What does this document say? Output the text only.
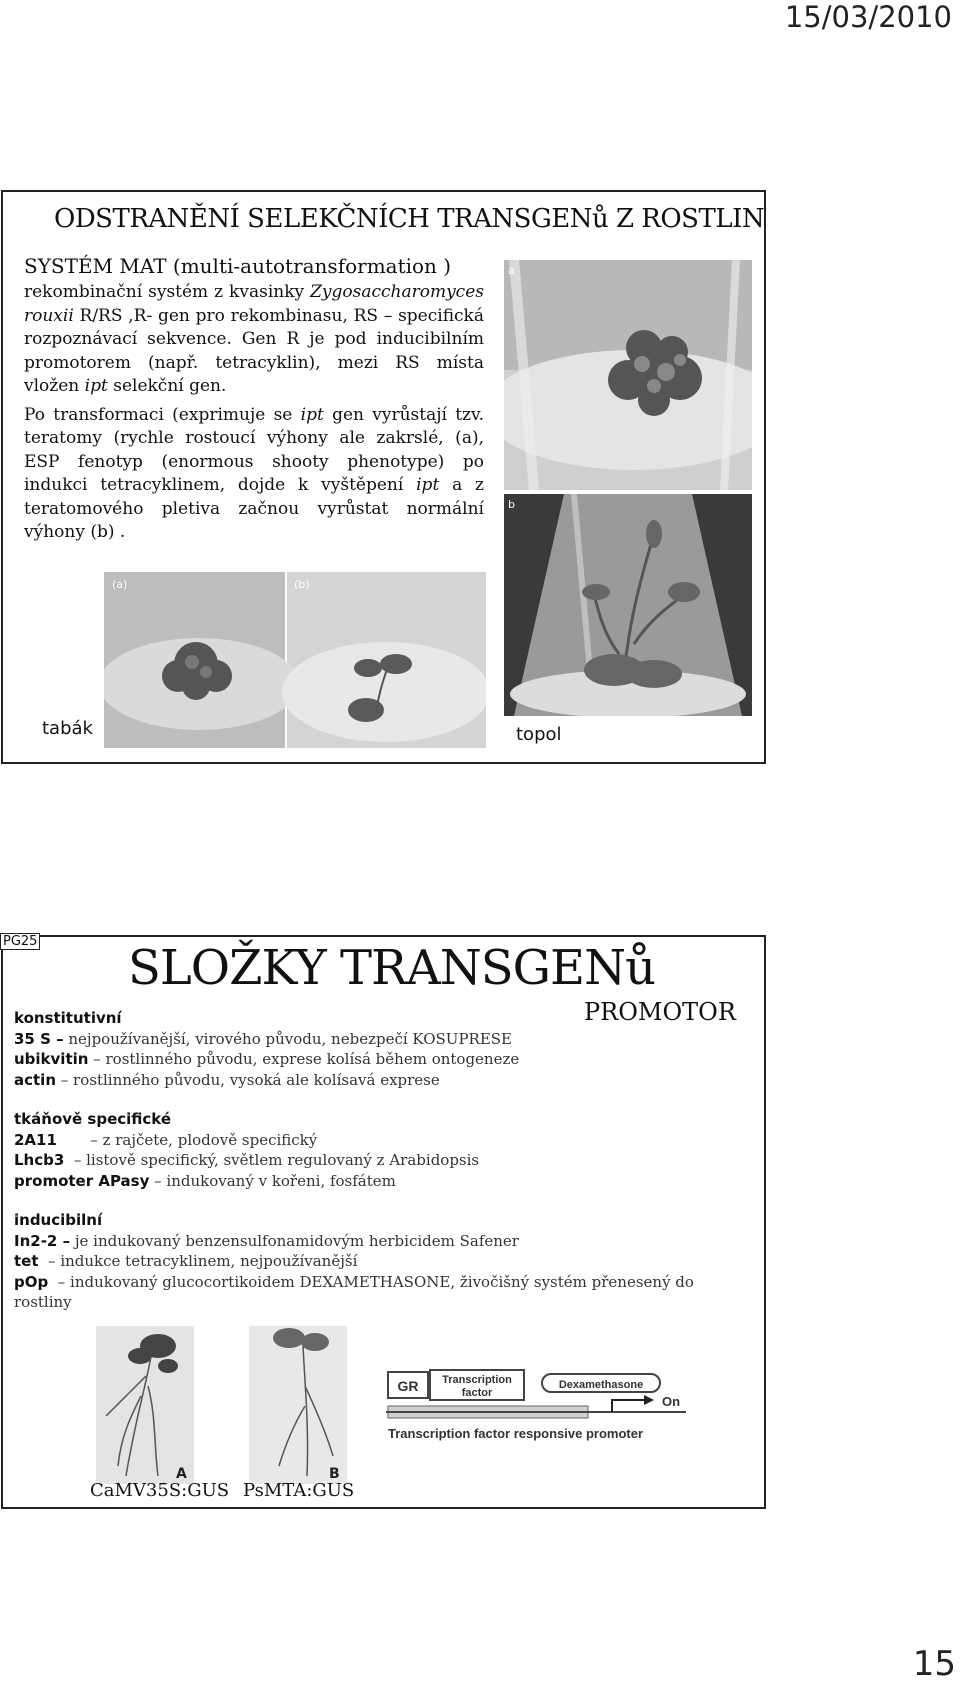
15/03/2010
ODSTRANĚNÍ SELEKČNÍCH TRANSGENů Z ROSTLIN
SYSTÉM MAT (multi-autotransformation )

rekombinační systém z kvasinky Zygosaccharomyces rouxii R/RS ,R- gen pro rekombinasu, RS – specifická rozpoznávací sekvence. Gen R je pod inducibilním promotorem (např. tetracyklin), mezi RS místa vložen ipt selekční gen.

Po transformaci (exprimuje se ipt gen vyrůstají tzv. teratomy (rychle rostoucí výhony ale zakrslé, (a), ESP fenotyp (enormous shooty phenotype) po indukci tetracyklinem, dojde k vyštěpení ipt a z teratomového pletiva začnou vyrůstat normální výhony (b) .

a
b
(a)	(b)
tabák	topol
PG25 SLOŽKY TRANSGENů
PROMOTOR
konstitutivní
35 S – nejpoužívanější, virového původu, nebezpečí KOSUPRESE
ubikvitin – rostlinného původu, exprese kolísá během ontogeneze
actin – rostlinného původu, vysoká ale kolísavá exprese
tkáňově specifické
2A11       – z rajčete, plodově specifický
Lhcb3  – listově specifický, světlem regulovaný z Arabidopsis
promoter APasy – indukovaný v kořeni, fosfátem
inducibilní
In2-2 – je indukovaný benzensulfonamidovým herbicidem Safener
tet  – indukce tetracyklinem, nejpoužívanější
pOp  – indukovaný glucocortikoidem DEXAMETHASONE, živočišný systém přenesený do rostliny
A	B
CaMV35S:GUS PsMTA:GUS
GR Transcription
factor
Dexamethasone
On
Transcription factor responsive promoter
15
